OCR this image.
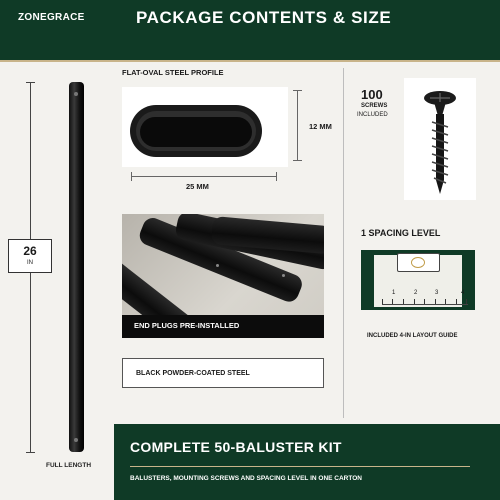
ZONEGRACE	PACKAGE CONTENTS & SIZE
26
IN
FULL LENGTH
FLAT-OVAL STEEL PROFILE
12 MM
25 MM
END PLUGS PRE-INSTALLED
BLACK POWDER-COATED STEEL
100
SCREWS
INCLUDED
1 SPACING LEVEL
1	2	3	4
INCLUDED 4-IN LAYOUT GUIDE
COMPLETE 50-BALUSTER KIT
BALUSTERS, MOUNTING SCREWS AND SPACING LEVEL IN ONE CARTON
